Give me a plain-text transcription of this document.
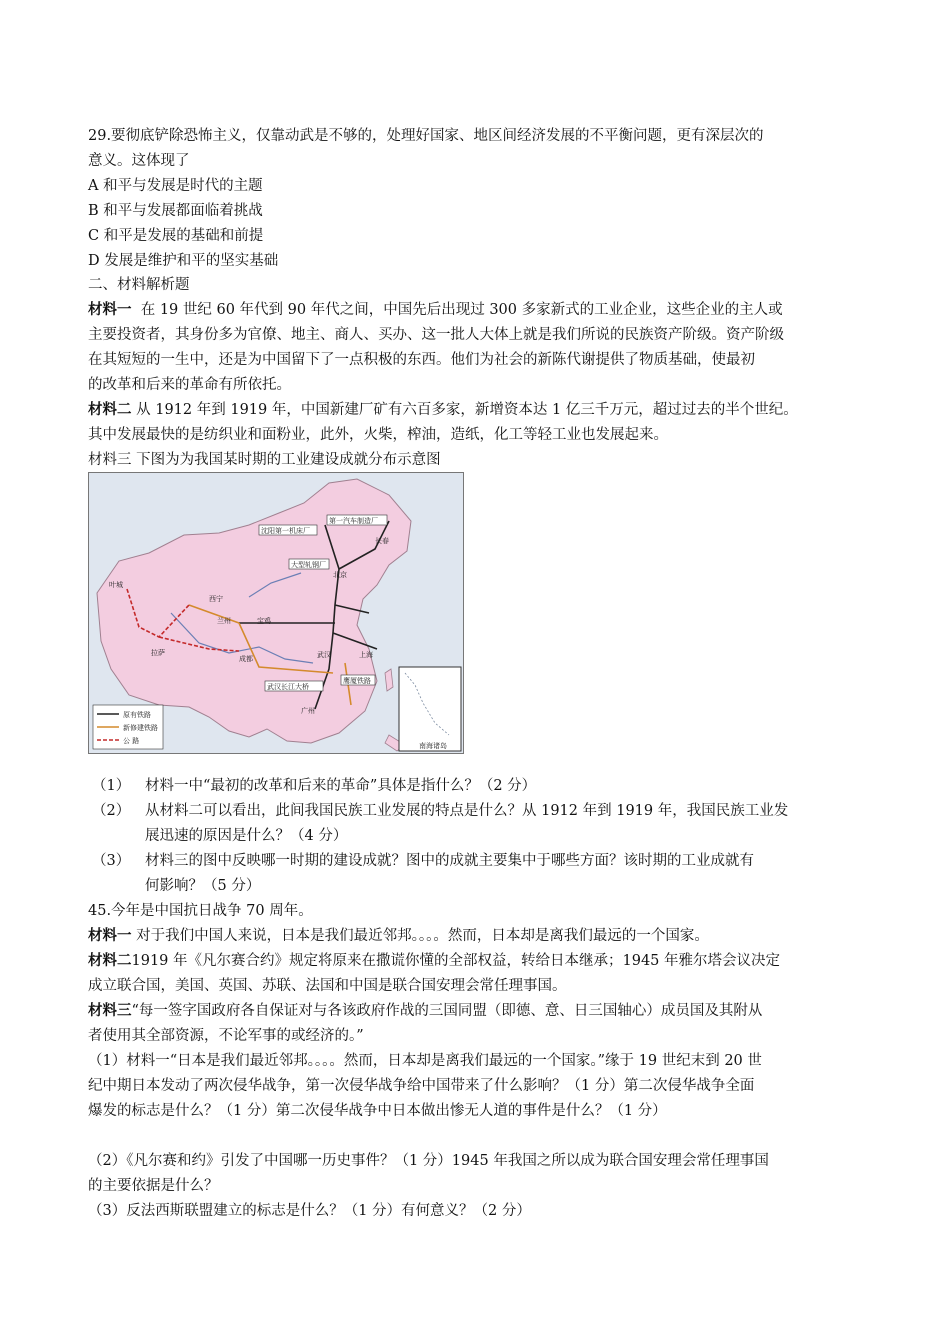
29.要彻底铲除恐怖主义，仅靠动武是不够的，处理好国家、地区间经济发展的不平衡问题，更有深层次的
意义。这体现了
A 和平与发展是时代的主题
B 和平与发展都面临着挑战
C 和平是发展的基础和前提
D 发展是维护和平的坚实基础
二、材料解析题
材料一 在 19 世纪 60 年代到 90 年代之间，中国先后出现过 300 多家新式的工业企业，这些企业的主人或
主要投资者，其身份多为官僚、地主、商人、买办、这一批人大体上就是我们所说的民族资产阶级。资产阶级
在其短短的一生中，还是为中国留下了一点积极的东西。他们为社会的新陈代谢提供了物质基础，使最初
的改革和后来的革命有所依托。
材料二 从 1912 年到 1919 年，中国新建厂矿有六百多家，新增资本达 1 亿三千万元，超过过去的半个世纪。
其中发展最快的是纺织业和面粉业，此外，火柴，榨油，造纸，化工等轻工业也发展起来。
材料三 下图为为我国某时期的工业建设成就分布示意图
第一汽车制造厂
沈阳第一机床厂
大型轧钢厂
长春
北京
叶城
西宁
兰州	宝鸡
拉萨
成都	武汉	上海
武汉长江大桥
鹰厦铁路
广州
南海诸岛
原有铁路
新修建铁路
公 路
（1） 材料一中“最初的改革和后来的革命”具体是指什么？（2 分）
（2） 从材料二可以看出，此间我国民族工业发展的特点是什么？从 1912 年到 1919 年，我国民族工业发
展迅速的原因是什么？（4 分）
（3） 材料三的图中反映哪一时期的建设成就？图中的成就主要集中于哪些方面？该时期的工业成就有
何影响？（5 分）
45.今年是中国抗日战争 70 周年。
材料一 对于我们中国人来说，日本是我们最近邻邦。。。。然而，日本却是离我们最远的一个国家。
材料二1919 年《凡尔赛合约》规定将原来在撒谎你懂的全部权益，转给日本继承；1945 年雅尔塔会议决定
成立联合国，美国、英国、苏联、法国和中国是联合国安理会常任理事国。
材料三“每一签字国政府各自保证对与各该政府作战的三国同盟（即德、意、日三国轴心）成员国及其附从
者使用其全部资源，不论军事的或经济的。”
（1）材料一“日本是我们最近邻邦。。。。然而，日本却是离我们最远的一个国家。”缘于 19 世纪末到 20 世
纪中期日本发动了两次侵华战争，第一次侵华战争给中国带来了什么影响？（1 分）第二次侵华战争全面
爆发的标志是什么？（1 分）第二次侵华战争中日本做出惨无人道的事件是什么？（1 分）
（2）《凡尔赛和约》引发了中国哪一历史事件？（1 分）1945 年我国之所以成为联合国安理会常任理事国
的主要依据是什么？
（3）反法西斯联盟建立的标志是什么？（1 分）有何意义？（2 分）
